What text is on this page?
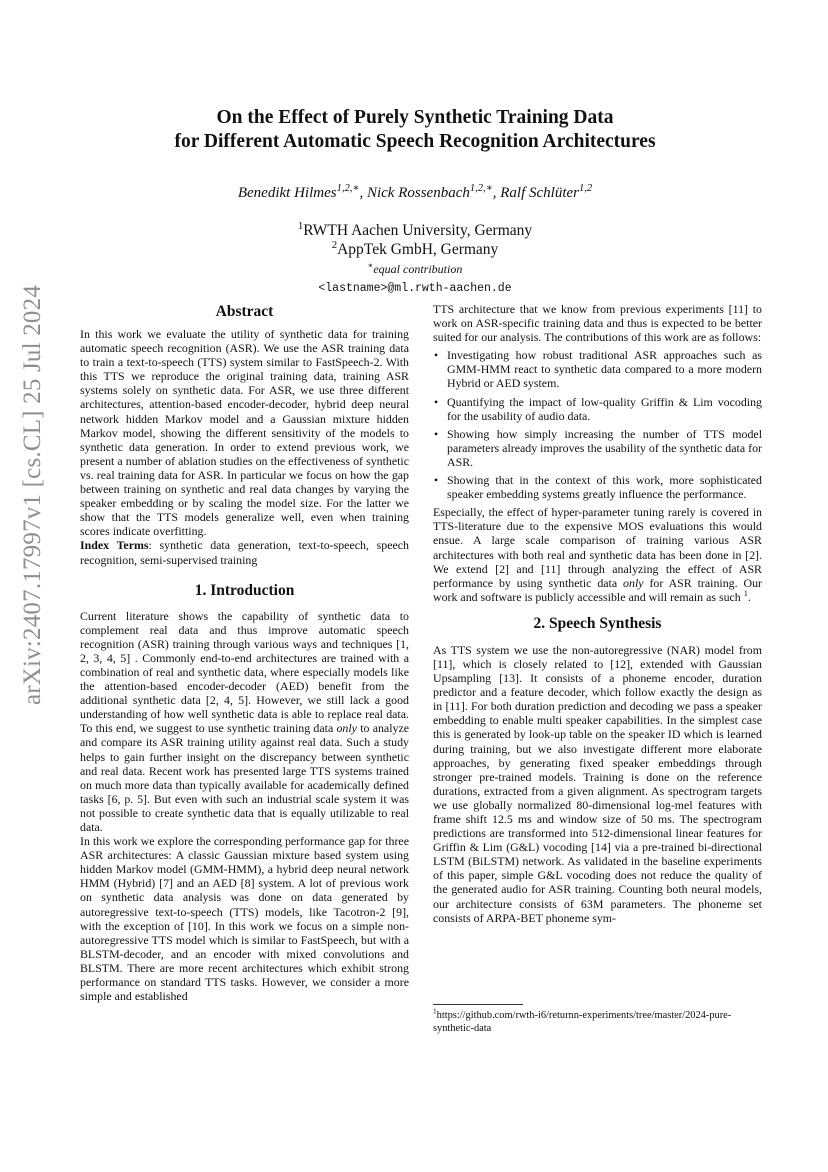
arXiv:2407.17997v1 [cs.CL] 25 Jul 2024
On the Effect of Purely Synthetic Training Data
for Different Automatic Speech Recognition Architectures
Benedikt Hilmes$^{1,2,∗}$, Nick Rossenbach$^{1,2,∗}$, Ralf Schlüter$^{1,2}$
$^1$RWTH Aachen University, Germany
$^2$AppTek GmbH, Germany
∗equal contribution
<lastname>@ml.rwth-aachen.de
Abstract

In this work we evaluate the utility of synthetic data for training automatic speech recognition (ASR). We use the ASR training data to train a text-to-speech (TTS) system similar to FastSpeech-2. With this TTS we reproduce the original training data, training ASR systems solely on synthetic data. For ASR, we use three different architectures, attention-based encoder-decoder, hybrid deep neural network hidden Markov model and a Gaussian mixture hidden Markov model, showing the different sensitivity of the models to synthetic data generation. In order to extend previous work, we present a number of ablation studies on the effectiveness of synthetic vs. real training data for ASR. In particular we focus on how the gap between training on synthetic and real data changes by varying the speaker embedding or by scaling the model size. For the latter we show that the TTS models generalize well, even when training scores indicate overfitting.

Index Terms: synthetic data generation, text-to-speech, speech recognition, semi-supervised training

1. Introduction

Current literature shows the capability of synthetic data to complement real data and thus improve automatic speech recognition (ASR) training through various ways and techniques [1, 2, 3, 4, 5] . Commonly end-to-end architectures are trained with a combination of real and synthetic data, where especially models like the attention-based encoder-decoder (AED) benefit from the additional synthetic data [2, 4, 5]. However, we still lack a good understanding of how well synthetic data is able to replace real data. To this end, we suggest to use synthetic training data only to analyze and compare its ASR training utility against real data. Such a study helps to gain further insight on the discrepancy between synthetic and real data. Recent work has presented large TTS systems trained on much more data than typically available for academically defined tasks [6, p. 5]. But even with such an industrial scale system it was not possible to create synthetic data that is equally utilizable to real data.

In this work we explore the corresponding performance gap for three ASR architectures: A classic Gaussian mixture based system using hidden Markov model (GMM-HMM), a hybrid deep neural network HMM (Hybrid) [7] and an AED [8] system. A lot of previous work on synthetic data analysis was done on data generated by autoregressive text-to-speech (TTS) models, like Tacotron-2 [9], with the exception of [10]. In this work we focus on a simple non-autoregressive TTS model which is similar to FastSpeech, but with a BLSTM-decoder, and an encoder with mixed convolutions and BLSTM. There are more recent architectures which exhibit strong performance on standard TTS tasks. However, we consider a more simple and established

TTS architecture that we know from previous experiments [11] to work on ASR-specific training data and thus is expected to be better suited for our analysis. The contributions of this work are as follows:

• Investigating how robust traditional ASR approaches such as GMM-HMM react to synthetic data compared to a more modern Hybrid or AED system.
• Quantifying the impact of low-quality Griffin & Lim vocoding for the usability of audio data.
• Showing how simply increasing the number of TTS model parameters already improves the usability of the synthetic data for ASR.
• Showing that in the context of this work, more sophisticated speaker embedding systems greatly influence the performance.

Especially, the effect of hyper-parameter tuning rarely is covered in TTS-literature due to the expensive MOS evaluations this would ensue. A large scale comparison of training various ASR architectures with both real and synthetic data has been done in [2]. We extend [2] and [11] through analyzing the effect of ASR performance by using synthetic data only for ASR training. Our work and software is publicly accessible and will remain as such $^1$.

2. Speech Synthesis

As TTS system we use the non-autoregressive (NAR) model from [11], which is closely related to [12], extended with Gaussian Upsampling [13]. It consists of a phoneme encoder, duration predictor and a feature decoder, which follow exactly the design as in [11]. For both duration prediction and decoding we pass a speaker embedding to enable multi speaker capabilities. In the simplest case this is generated by look-up table on the speaker ID which is learned during training, but we also investigate different more elaborate approaches, by generating fixed speaker embeddings through stronger pre-trained models. Training is done on the reference durations, extracted from a given alignment. As spectrogram targets we use globally normalized 80-dimensional log-mel features with frame shift 12.5 ms and window size of 50 ms. The spectrogram predictions are transformed into 512-dimensional linear features for Griffin & Lim (G&L) vocoding [14] via a pre-trained bi-directional LSTM (BiLSTM) network. As validated in the baseline experiments of this paper, simple G&L vocoding does not reduce the quality of the generated audio for ASR training. Counting both neural models, our architecture consists of 63M parameters. The phoneme set consists of ARPA-BET phoneme sym-

$^1$https://github.com/rwth-i6/returnn-experiments/tree/master/2024-pure-synthetic-data
